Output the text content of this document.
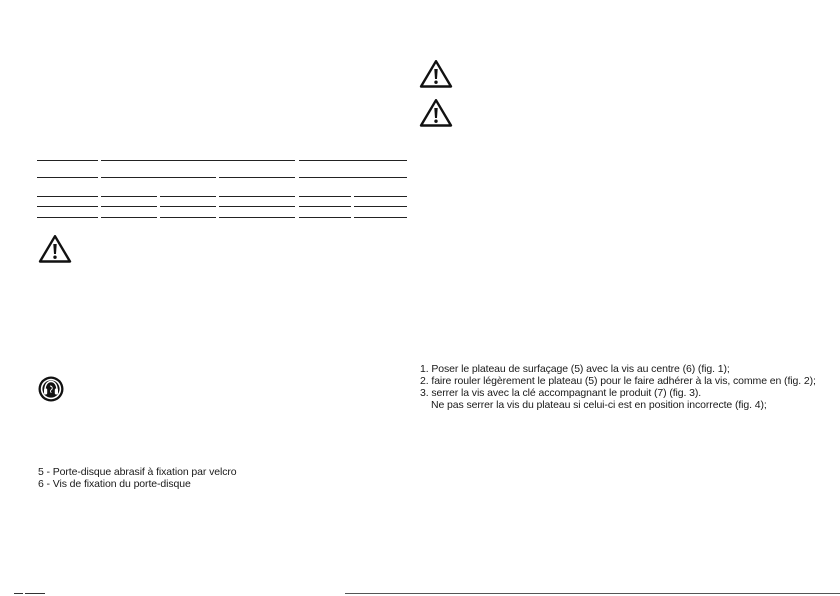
5 - Porte-disque abrasif à fixation par velcro
6 - Vis de fixation du porte-disque
1. Poser le plateau de surfaçage (5) avec la vis au centre (6) (fig. 1);
2. faire rouler légèrement le plateau (5) pour le faire adhérer à la vis, comme en (fig. 2);
3. serrer la vis avec la clé accompagnant le produit (7) (fig. 3).
Ne pas serrer la vis du plateau si celui-ci est en position incorrecte (fig. 4);
